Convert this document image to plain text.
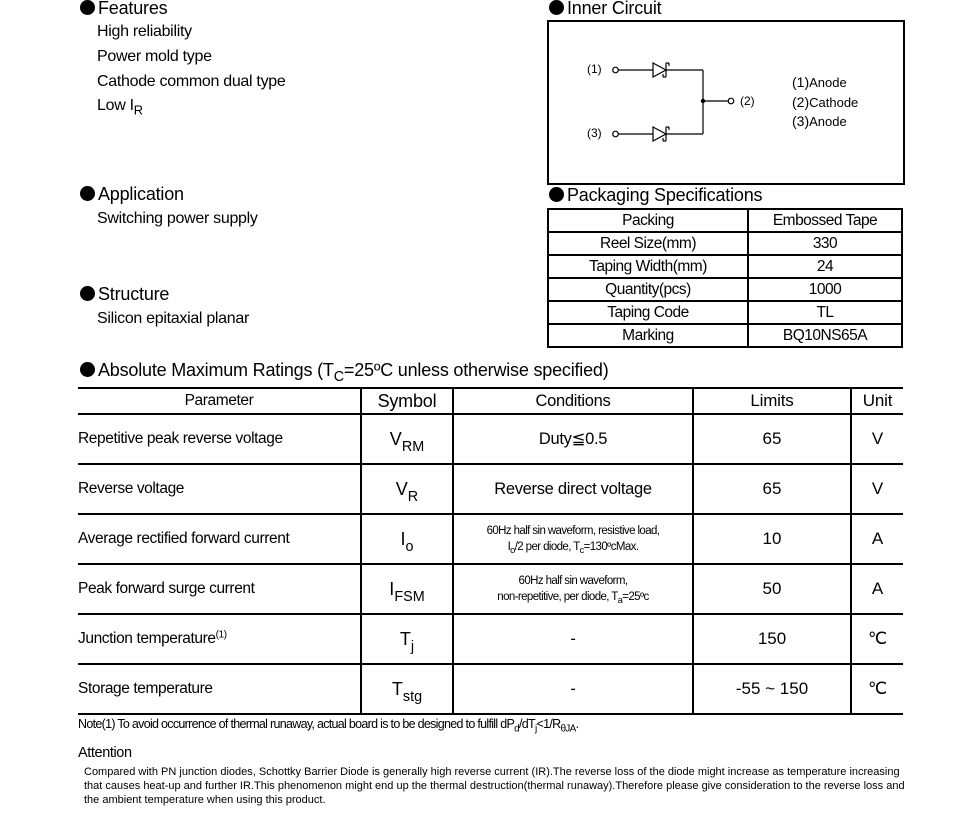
Features
High reliability
Power mold type
Cathode common dual type
Low $I_R$
Application
Switching power supply
Structure
Silicon epitaxial planar
Inner Circuit
(1)
(2)
(3)
(1)Anode
(2)Cathode
(3)Anode
Packaging Specifications
Packing	Embossed Tape
Reel Size(mm)	330
Taping Width(mm)	24
Quantity(pcs)	1000
Taping Code	TL
Marking	BQ10NS65A
Absolute Maximum Ratings ($T_C=25ºC$ unless otherwise specified)
Parameter	Symbol	Conditions	Limits	Unit
Repetitive peak reverse voltage	$V_{RM}$	Duty≦0.5	65	V
Reverse voltage	$V_R$	Reverse direct voltage	65	V
Average rectified forward current	$I_o$	60Hz half sin waveform, resistive load,
$I_o/2$ per diode, $T_c=130ºcMax$.	10	A
Peak forward surge current	$I_{FSM}$	60Hz half sin waveform,
non-repetitive, per diode, $T_a=25ºc$	50	A
Junction temperature$^{(1)}$	$T_j$	-	150	℃
Storage temperature	$T_{stg}$	-	-55 ~ 150	℃
Note(1) To avoid occurrence of thermal runaway, actual board is to be designed to fulfill $dP_d/dT_j<1/R_{\theta JA}$.
Attention
Compared with PN junction diodes, Schottky Barrier Diode is generally high reverse current (IR).The reverse loss of the diode might increase as temperature increasing that causes heat-up and further IR.This phenomenon might end up the thermal destruction(thermal runaway).Therefore please give consideration to the reverse loss and the ambient temperature when using this product.
